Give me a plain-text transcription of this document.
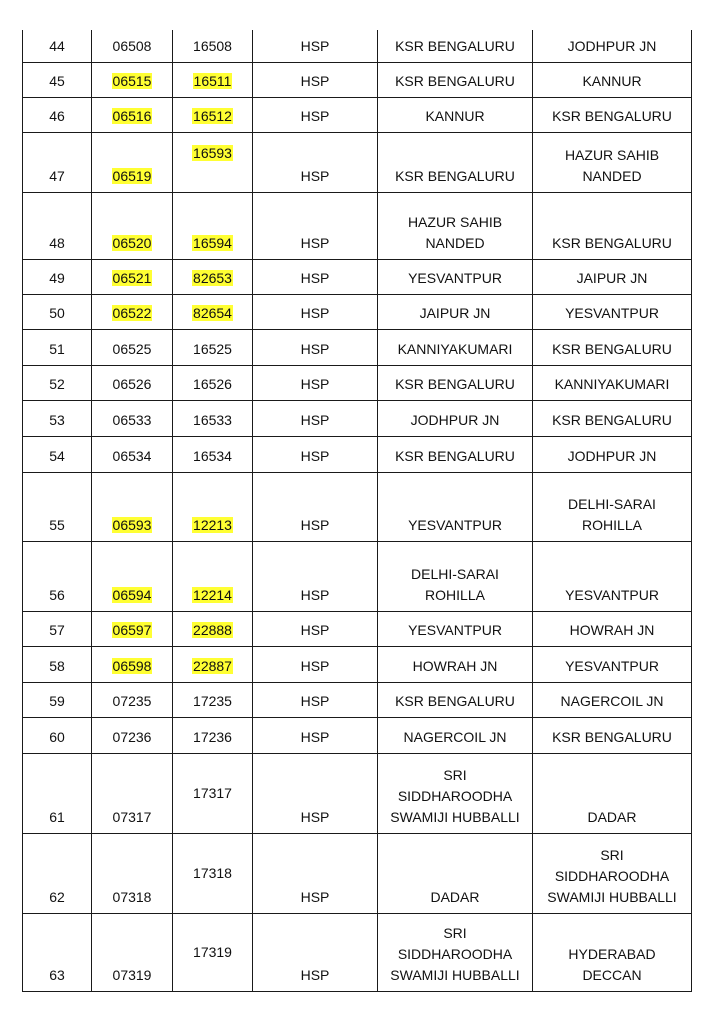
44	06508	16508	HSP	KSR BENGALURU	JODHPUR JN

45	06515	16511	HSP	KSR BENGALURU	KANNUR

46	06516	16512	HSP	KANNUR	KSR BENGALURU

47	06519	16593	HSP	KSR BENGALURU	HAZUR SAHIB
NANDED

48	06520	16594	HSP	HAZUR SAHIB
NANDED	KSR BENGALURU

49	06521	82653	HSP	YESVANTPUR	JAIPUR JN

50	06522	82654	HSP	JAIPUR JN	YESVANTPUR

51	06525	16525	HSP	KANNIYAKUMARI	KSR BENGALURU

52	06526	16526	HSP	KSR BENGALURU	KANNIYAKUMARI

53	06533	16533	HSP	JODHPUR JN	KSR BENGALURU

54	06534	16534	HSP	KSR BENGALURU	JODHPUR JN

55	06593	12213	HSP	YESVANTPUR	DELHI-SARAI
ROHILLA

56	06594	12214	HSP	DELHI-SARAI
ROHILLA	YESVANTPUR

57	06597	22888	HSP	YESVANTPUR	HOWRAH JN

58	06598	22887	HSP	HOWRAH JN	YESVANTPUR

59	07235	17235	HSP	KSR BENGALURU	NAGERCOIL JN

60	07236	17236	HSP	NAGERCOIL JN	KSR BENGALURU

61	07317	17317	HSP	SRI
SIDDHAROODHA
SWAMIJI HUBBALLI	DADAR

62	07318	17318	HSP	DADAR	SRI
SIDDHAROODHA
SWAMIJI HUBBALLI

63	07319	17319	HSP	SRI
SIDDHAROODHA
SWAMIJI HUBBALLI	HYDERABAD
DECCAN
